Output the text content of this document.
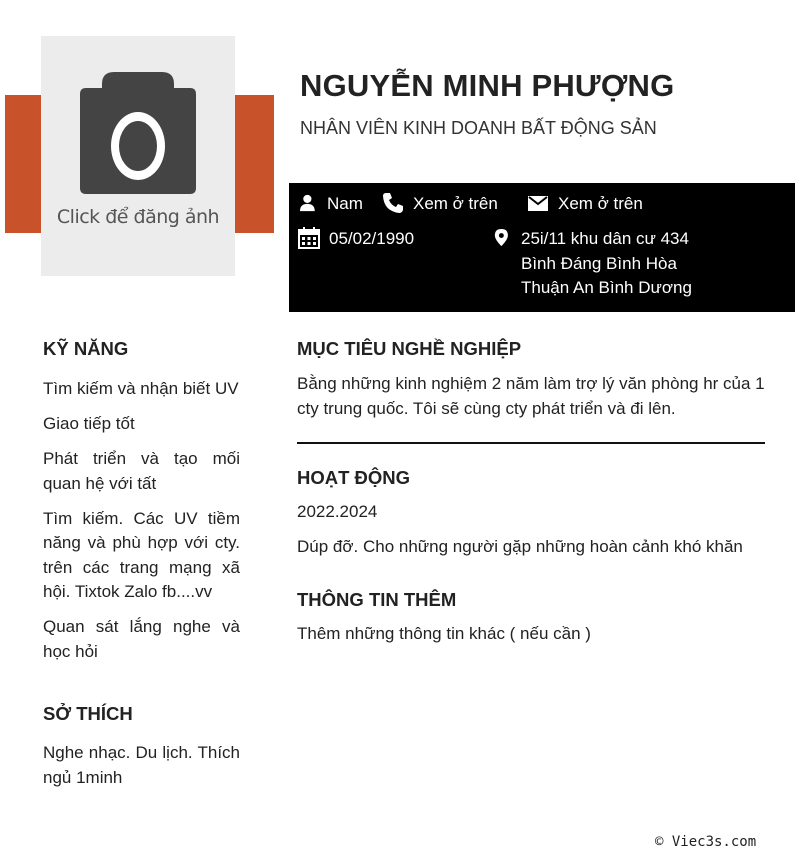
Click để đăng ảnh
NGUYỄN MINH PHƯỢNG
NHÂN VIÊN KINH DOANH BẤT ĐỘNG SẢN
Nam	Xem ở trên	Xem ở trên
05/02/1990	25i/11 khu dân cư 434
Bình Đáng Bình Hòa
Thuận An Bình Dương
KỸ NĂNG
Tìm kiếm và nhận biết UV
Giao tiếp tốt
Phát triển và tạo mối quan hệ với tất
Tìm kiếm. Các UV tiềm năng và phù hợp với cty. trên các trang mạng xã hội. Tixtok Zalo fb....vv
Quan sát lắng nghe và học hỏi
SỞ THÍCH
Nghe nhạc. Du lịch. Thích ngủ 1minh
MỤC TIÊU NGHỀ NGHIỆP
Bằng những kinh nghiệm 2 năm làm trợ lý văn phòng hr của 1 cty trung quốc. Tôi sẽ cùng cty phát triển và đi lên.
HOẠT ĐỘNG
2022.2024
Dúp đỡ. Cho những người gặp những hoàn cảnh khó khăn
THÔNG TIN THÊM
Thêm những thông tin khác ( nếu cần )
© Viec3s.com
